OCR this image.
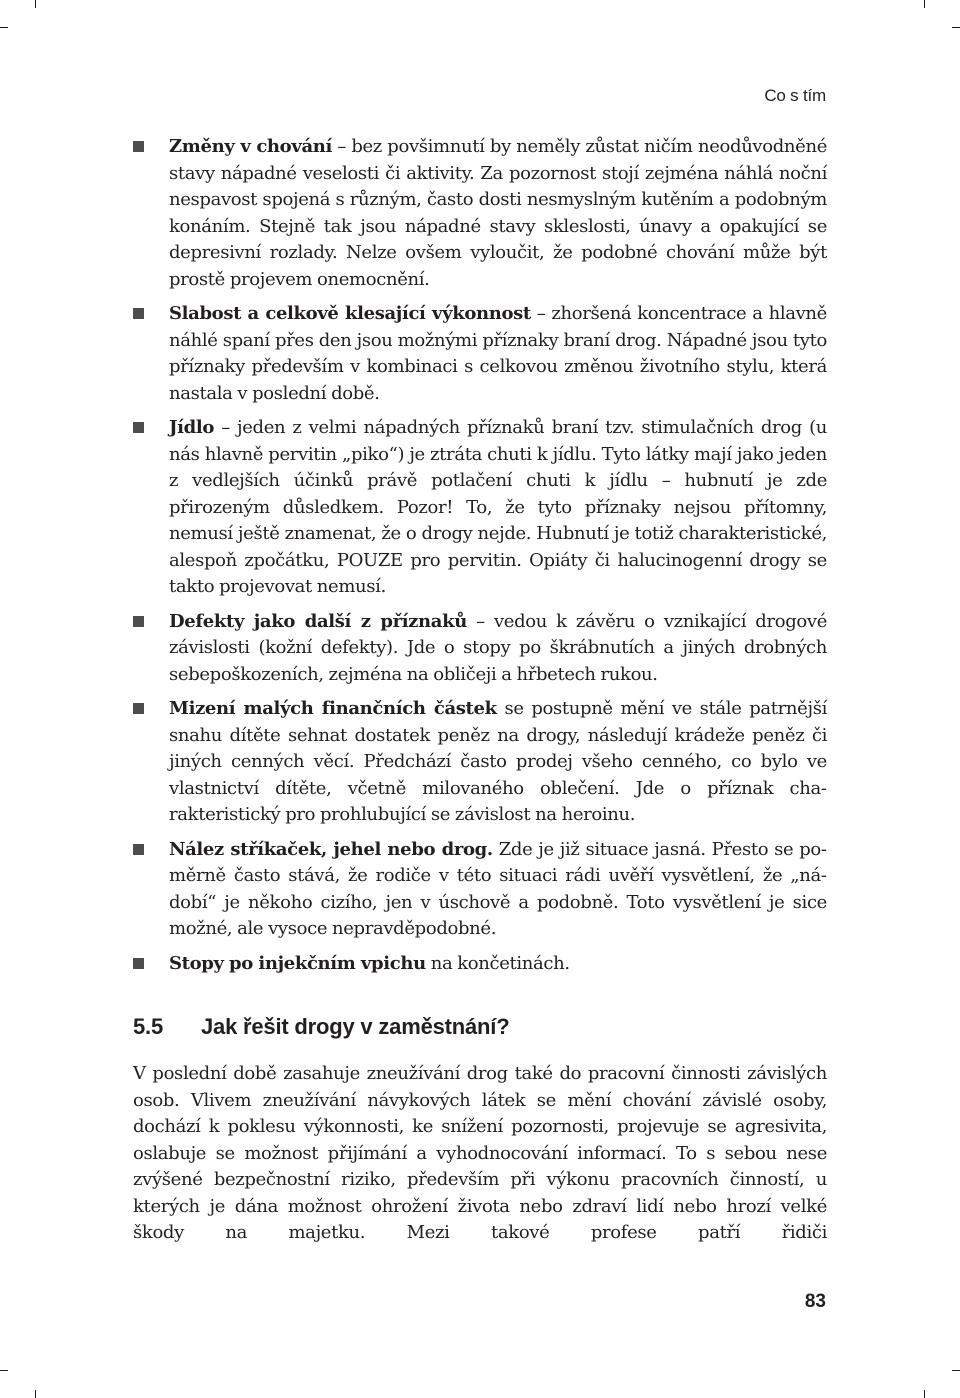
Co s tím
Změny v chování – bez povšimnutí by neměly zůstat ničím neodůvodněné stavy nápadné veselosti či aktivity. Za pozornost stojí zejména náhlá noční nespavost spojená s různým, často dosti nesmyslným kutěním a podobným konáním. Stejně tak jsou nápadné stavy skleslosti, únavy a opakující se depresivní rozlady. Nelze ovšem vyloučit, že podobné chování může být prostě projevem onemocnění.
Slabost a celkově klesající výkonnost – zhoršená koncentrace a hlavně náhlé spaní přes den jsou možnými příznaky braní drog. Nápadné jsou tyto příznaky především v kombinaci s celkovou změnou životního stylu, která nastala v poslední době.
Jídlo – jeden z velmi nápadných příznaků braní tzv. stimulačních drog (u nás hlavně pervitin „piko“) je ztráta chuti k jídlu. Tyto látky mají jako jeden z vedlejších účinků právě potlačení chuti k jídlu – hubnutí je zde přirozeným důsledkem. Pozor! To, že tyto příznaky nejsou přítomny, nemusí ještě znamenat, že o drogy nejde. Hubnutí je totiž charakteristické, alespoň zpočátku, POUZE pro pervitin. Opiáty či halucinogenní drogy se takto projevovat nemusí.
Defekty jako další z příznaků – vedou k závěru o vznikající drogové závislosti (kožní defekty). Jde o stopy po škrábnutích a jiných drobných sebepoškozeních, zejména na obličeji a hřbetech rukou.
Mizení malých finančních částek se postupně mění ve stále patrnější snahu dítěte sehnat dostatek peněz na drogy, následují krádeže peněz či jiných cenných věcí. Předchází často prodej všeho cenného, co bylo ve vlastnictví dítěte, včetně milovaného oblečení. Jde o příznak charakteristický pro prohlubující se závislost na heroinu.
Nález stříkaček, jehel nebo drog. Zde je již situace jasná. Přesto se poměrně často stává, že rodiče v této situaci rádi uvěří vysvětlení, že „nádobí“ je někoho cizího, jen v úschově a podobně. Toto vysvětlení je sice možné, ale vysoce nepravděpodobné.
Stopy po injekčním vpichu na končetinách.
5.5 Jak řešit drogy v zaměstnání?

V poslední době zasahuje zneužívání drog také do pracovní činnosti závislých osob. Vlivem zneužívání návykových látek se mění chování závislé osoby, dochází k poklesu výkonnosti, ke snížení pozornosti, projevuje se agresivita, oslabuje se možnost přijímání a vyhodnocování informací. To s sebou nese zvýšené bezpečnostní riziko, především při výkonu pracovních činností, u kterých je dána možnost ohrožení života nebo zdraví lidí nebo hrozí velké škody na majetku. Mezi takové profese patří řidiči

83
